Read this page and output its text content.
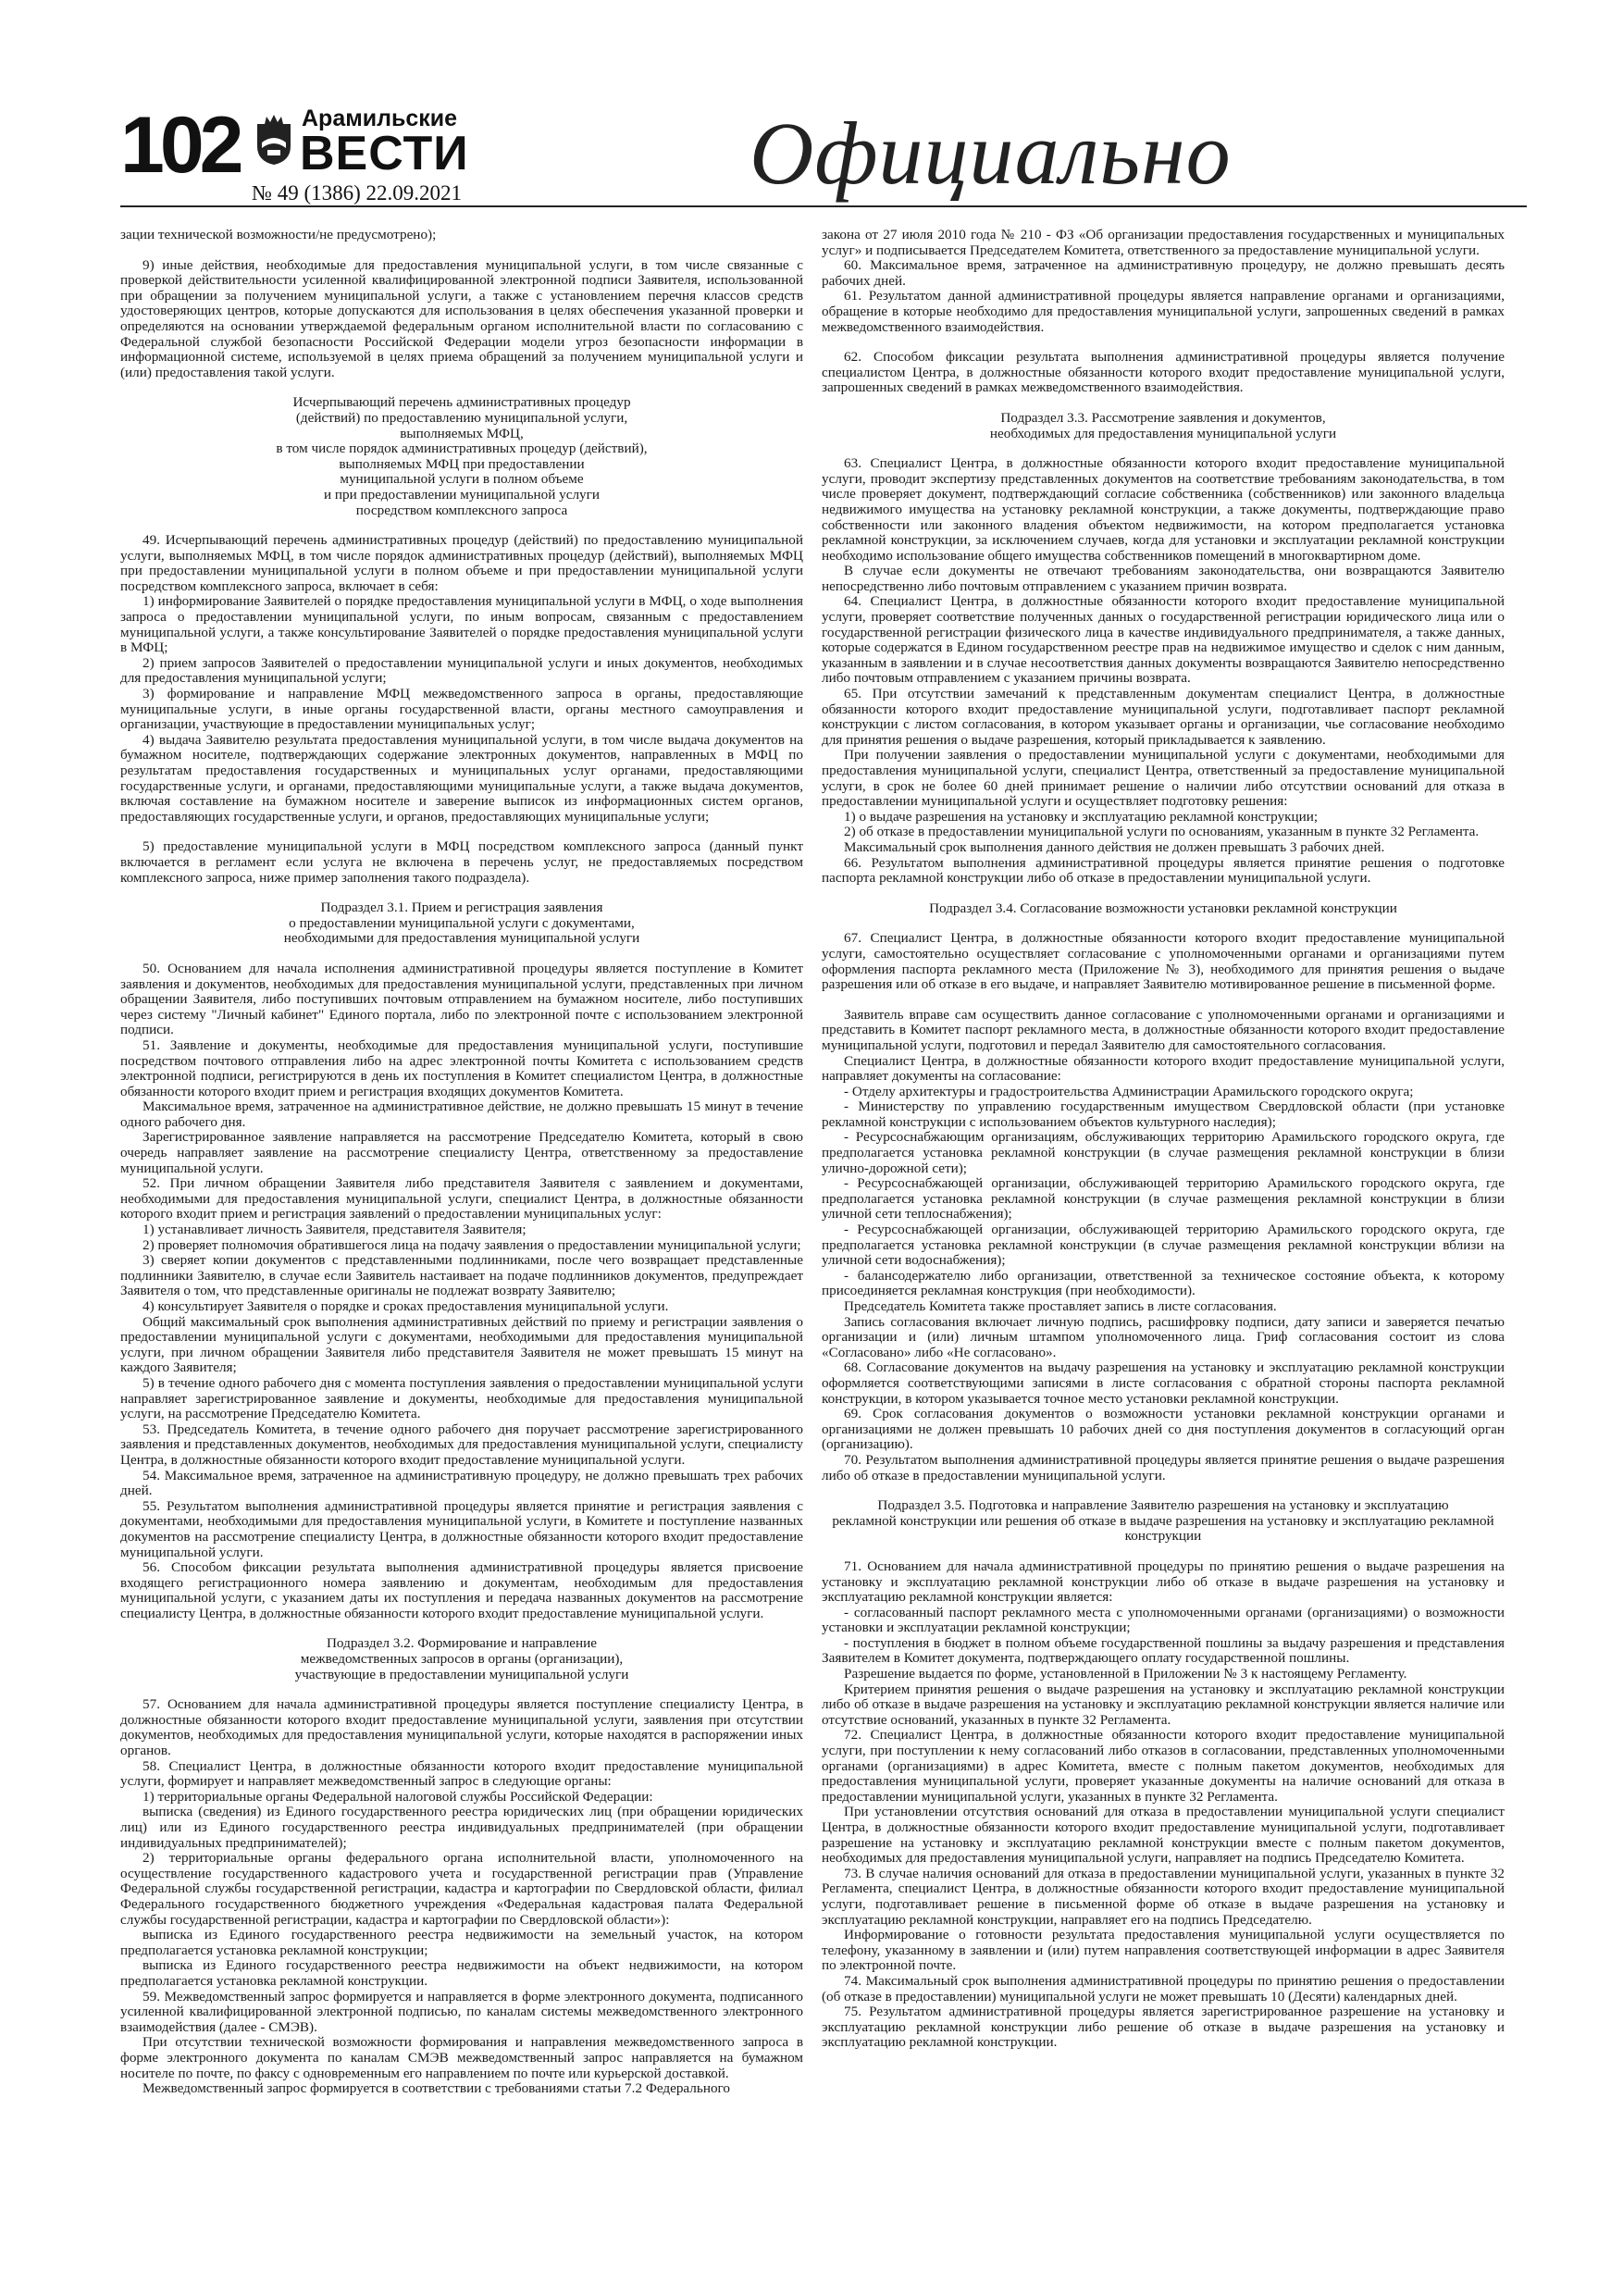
102	Арамильские
ВЕСТИ
№ 49 (1386) 22.09.2021	Официально

зации технической возможности/не предусмотрено);

9) иные действия, необходимые для предоставления муниципальной услуги, в том числе связанные с проверкой действительности усиленной квалифицированной электронной подписи Заявителя, использованной при обращении за получением муниципальной услуги, а также с установлением перечня классов средств удостоверяющих центров, которые допускаются для использования в целях обеспечения указанной проверки и определяются на основании утверждаемой федеральным органом исполнительной власти по согласованию с Федеральной службой безопасности Российской Федерации модели угроз безопасности информации в информационной системе, используемой в целях приема обращений за получением муниципальной услуги и (или) предоставления такой услуги.

Исчерпывающий перечень административных процедур
(действий) по предоставлению муниципальной услуги,
выполняемых МФЦ,
в том числе порядок административных процедур (действий),
выполняемых МФЦ при предоставлении
муниципальной услуги в полном объеме
и при предоставлении муниципальной услуги
посредством комплексного запроса

49. Исчерпывающий перечень административных процедур (действий) по предоставлению муниципальной услуги, выполняемых МФЦ, в том числе порядок административных процедур (действий), выполняемых МФЦ при предоставлении муниципальной услуги в полном объеме и при предоставлении муниципальной услуги посредством комплексного запроса, включает в себя:

1) информирование Заявителей о порядке предоставления муниципальной услуги в МФЦ, о ходе выполнения запроса о предоставлении муниципальной услуги, по иным вопросам, связанным с предоставлением муниципальной услуги, а также консультирование Заявителей о порядке предоставления муниципальной услуги в МФЦ;

2) прием запросов Заявителей о предоставлении муниципальной услуги и иных документов, необходимых для предоставления муниципальной услуги;

3) формирование и направление МФЦ межведомственного запроса в органы, предоставляющие муниципальные услуги, в иные органы государственной власти, органы местного самоуправления и организации, участвующие в предоставлении муниципальных услуг;

4) выдача Заявителю результата предоставления муниципальной услуги, в том числе выдача документов на бумажном носителе, подтверждающих содержание электронных документов, направленных в МФЦ по результатам предоставления государственных и муниципальных услуг органами, предоставляющими государственные услуги, и органами, предоставляющими муниципальные услуги, а также выдача документов, включая составление на бумажном носителе и заверение выписок из информационных систем органов, предоставляющих государственные услуги, и органов, предоставляющих муниципальные услуги;

5) предоставление муниципальной услуги в МФЦ посредством комплексного запроса (данный пункт включается в регламент если услуга не включена в перечень услуг, не предоставляемых посредством комплексного запроса, ниже пример заполнения такого подраздела).

Подраздел 3.1. Прием и регистрация заявления
о предоставлении муниципальной услуги с документами,
необходимыми для предоставления муниципальной услуги

50. Основанием для начала исполнения административной процедуры является поступление в Комитет заявления и документов, необходимых для предоставления муниципальной услуги, представленных при личном обращении Заявителя, либо поступивших почтовым отправлением на бумажном носителе, либо поступивших через систему "Личный кабинет" Единого портала, либо по электронной почте с использованием электронной подписи.

51. Заявление и документы, необходимые для предоставления муниципальной услуги, поступившие посредством почтового отправления либо на адрес электронной почты Комитета с использованием средств электронной подписи, регистрируются в день их поступления в Комитет специалистом Центра, в должностные обязанности которого входит прием и регистрация входящих документов Комитета.

Максимальное время, затраченное на административное действие, не должно превышать 15 минут в течение одного рабочего дня.

Зарегистрированное заявление направляется на рассмотрение Председателю Комитета, который в свою очередь направляет заявление на рассмотрение специалисту Центра, ответственному за предоставление муниципальной услуги.

52. При личном обращении Заявителя либо представителя Заявителя с заявлением и документами, необходимыми для предоставления муниципальной услуги, специалист Центра, в должностные обязанности которого входит прием и регистрация заявлений о предоставлении муниципальных услуг:

1) устанавливает личность Заявителя, представителя Заявителя;

2) проверяет полномочия обратившегося лица на подачу заявления о предоставлении муниципальной услуги;

3) сверяет копии документов с представленными подлинниками, после чего возвращает представленные подлинники Заявителю, в случае если Заявитель настаивает на подаче подлинников документов, предупреждает Заявителя о том, что представленные оригиналы не подлежат возврату Заявителю;

4) консультирует Заявителя о порядке и сроках предоставления муниципальной услуги.

Общий максимальный срок выполнения административных действий по приему и регистрации заявления о предоставлении муниципальной услуги с документами, необходимыми для предоставления муниципальной услуги, при личном обращении Заявителя либо представителя Заявителя не может превышать 15 минут на каждого Заявителя;

5) в течение одного рабочего дня с момента поступления заявления о предоставлении муниципальной услуги направляет зарегистрированное заявление и документы, необходимые для предоставления муниципальной услуги, на рассмотрение Председателю Комитета.

53. Председатель Комитета, в течение одного рабочего дня поручает рассмотрение зарегистрированного заявления и представленных документов, необходимых для предоставления муниципальной услуги, специалисту Центра, в должностные обязанности которого входит предоставление муниципальной услуги.

54. Максимальное время, затраченное на административную процедуру, не должно превышать трех рабочих дней.

55. Результатом выполнения административной процедуры является принятие и регистрация заявления с документами, необходимыми для предоставления муниципальной услуги, в Комитете и поступление названных документов на рассмотрение специалисту Центра, в должностные обязанности которого входит предоставление муниципальной услуги.

56. Способом фиксации результата выполнения административной процедуры является присвоение входящего регистрационного номера заявлению и документам, необходимым для предоставления муниципальной услуги, с указанием даты их поступления и передача названных документов на рассмотрение специалисту Центра, в должностные обязанности которого входит предоставление муниципальной услуги.

Подраздел 3.2. Формирование и направление
межведомственных запросов в органы (организации),
участвующие в предоставлении муниципальной услуги

57. Основанием для начала административной процедуры является поступление специалисту Центра, в должностные обязанности которого входит предоставление муниципальной услуги, заявления при отсутствии документов, необходимых для предоставления муниципальной услуги, которые находятся в распоряжении иных органов.

58. Специалист Центра, в должностные обязанности которого входит предоставление муниципальной услуги, формирует и направляет межведомственный запрос в следующие органы:

1) территориальные органы Федеральной налоговой службы Российской Федерации:

выписка (сведения) из Единого государственного реестра юридических лиц (при обращении юридических лиц) или из Единого государственного реестра индивидуальных предпринимателей (при обращении индивидуальных предпринимателей);

2) территориальные органы федерального органа исполнительной власти, уполномоченного на осуществление государственного кадастрового учета и государственной регистрации прав (Управление Федеральной службы государственной регистрации, кадастра и картографии по Свердловской области, филиал Федерального государственного бюджетного учреждения «Федеральная кадастровая палата Федеральной службы государственной регистрации, кадастра и картографии по Свердловской области»):

выписка из Единого государственного реестра недвижимости на земельный участок, на котором предполагается установка рекламной конструкции;

выписка из Единого государственного реестра недвижимости на объект недвижимости, на котором предполагается установка рекламной конструкции.

59. Межведомственный запрос формируется и направляется в форме электронного документа, подписанного усиленной квалифицированной электронной подписью, по каналам системы межведомственного электронного взаимодействия (далее - СМЭВ).

При отсутствии технической возможности формирования и направления межведомственного запроса в форме электронного документа по каналам СМЭВ межведомственный запрос направляется на бумажном носителе по почте, по факсу с одновременным его направлением по почте или курьерской доставкой.

Межведомственный запрос формируется в соответствии с требованиями статьи 7.2 Федерального

закона от 27 июля 2010 года № 210 - ФЗ «Об организации предоставления государственных и муниципальных услуг» и подписывается Председателем Комитета, ответственного за предоставление муниципальной услуги.

60. Максимальное время, затраченное на административную процедуру, не должно превышать десять рабочих дней.

61. Результатом данной административной процедуры является направление органами и организациями, обращение в которые необходимо для предоставления муниципальной услуги, запрошенных сведений в рамках межведомственного взаимодействия.

62. Способом фиксации результата выполнения административной процедуры является получение специалистом Центра, в должностные обязанности которого входит предоставление муниципальной услуги, запрошенных сведений в рамках межведомственного взаимодействия.

Подраздел 3.3. Рассмотрение заявления и документов,
необходимых для предоставления муниципальной услуги

63. Специалист Центра, в должностные обязанности которого входит предоставление муниципальной услуги, проводит экспертизу представленных документов на соответствие требованиям законодательства, в том числе проверяет документ, подтверждающий согласие собственника (собственников) или законного владельца недвижимого имущества на установку рекламной конструкции, а также документы, подтверждающие право собственности или законного владения объектом недвижимости, на котором предполагается установка рекламной конструкции, за исключением случаев, когда для установки и эксплуатации рекламной конструкции необходимо использование общего имущества собственников помещений в многоквартирном доме.

В случае если документы не отвечают требованиям законодательства, они возвращаются Заявителю непосредственно либо почтовым отправлением с указанием причин возврата.

64. Специалист Центра, в должностные обязанности которого входит предоставление муниципальной услуги, проверяет соответствие полученных данных о государственной регистрации юридического лица или о государственной регистрации физического лица в качестве индивидуального предпринимателя, а также данных, которые содержатся в Едином государственном реестре прав на недвижимое имущество и сделок с ним данным, указанным в заявлении и в случае несоответствия данных документы возвращаются Заявителю непосредственно либо почтовым отправлением с указанием причины возврата.

65. При отсутствии замечаний к представленным документам специалист Центра, в должностные обязанности которого входит предоставление муниципальной услуги, подготавливает паспорт рекламной конструкции с листом согласования, в котором указывает органы и организации, чье согласование необходимо для принятия решения о выдаче разрешения, который прикладывается к заявлению.

При получении заявления о предоставлении муниципальной услуги с документами, необходимыми для предоставления муниципальной услуги, специалист Центра, ответственный за предоставление муниципальной услуги, в срок не более 60 дней принимает решение о наличии либо отсутствии оснований для отказа в предоставлении муниципальной услуги и осуществляет подготовку решения:

1) о выдаче разрешения на установку и эксплуатацию рекламной конструкции;

2) об отказе в предоставлении муниципальной услуги по основаниям, указанным в пункте 32 Регламента.

Максимальный срок выполнения данного действия не должен превышать 3 рабочих дней.

66. Результатом выполнения административной процедуры является принятие решения о подготовке паспорта рекламной конструкции либо об отказе в предоставлении муниципальной услуги.

Подраздел 3.4. Согласование возможности установки рекламной конструкции

67. Специалист Центра, в должностные обязанности которого входит предоставление муниципальной услуги, самостоятельно осуществляет согласование с уполномоченными органами и организациями путем оформления паспорта рекламного места (Приложение № 3), необходимого для принятия решения о выдаче разрешения или об отказе в его выдаче, и направляет Заявителю мотивированное решение в письменной форме.

Заявитель вправе сам осуществить данное согласование с уполномоченными органами и организациями и представить в Комитет паспорт рекламного места, в должностные обязанности которого входит предоставление муниципальной услуги, подготовил и передал Заявителю для самостоятельного согласования.

Специалист Центра, в должностные обязанности которого входит предоставление муниципальной услуги, направляет документы на согласование:

- Отделу архитектуры и градостроительства Администрации Арамильского городского округа;

- Министерству по управлению государственным имуществом Свердловской области (при установке рекламной конструкции с использованием объектов культурного наследия);

- Ресурсоснабжающим организациям, обслуживающих территорию Арамильского городского округа, где предполагается установка рекламной конструкции (в случае размещения рекламной конструкции в близи улично-дорожной сети);

- Ресурсоснабжающей организации, обслуживающей территорию Арамильского городского округа, где предполагается установка рекламной конструкции (в случае размещения рекламной конструкции в близи уличной сети теплоснабжения);

- Ресурсоснабжающей организации, обслуживающей территорию Арамильского городского округа, где предполагается установка рекламной конструкции (в случае размещения рекламной конструкции вблизи на уличной сети водоснабжения);

- балансодержателю либо организации, ответственной за техническое состояние объекта, к которому присоединяется рекламная конструкция (при необходимости).

Председатель Комитета также проставляет запись в листе согласования.

Запись согласования включает личную подпись, расшифровку подписи, дату записи и заверяется печатью организации и (или) личным штампом уполномоченного лица. Гриф согласования состоит из слова «Согласовано» либо «Не согласовано».

68. Согласование документов на выдачу разрешения на установку и эксплуатацию рекламной конструкции оформляется соответствующими записями в листе согласования с обратной стороны паспорта рекламной конструкции, в котором указывается точное место установки рекламной конструкции.

69. Срок согласования документов о возможности установки рекламной конструкции органами и организациями не должен превышать 10 рабочих дней со дня поступления документов в согласующий орган (организацию).

70. Результатом выполнения административной процедуры является принятие решения о выдаче разрешения либо об отказе в предоставлении муниципальной услуги.

Подраздел 3.5. Подготовка и направление Заявителю разрешения на установку и эксплуатацию
рекламной конструкции или решения об отказе в выдаче разрешения на установку и эксплуатацию рекламной конструкции

71. Основанием для начала административной процедуры по принятию решения о выдаче разрешения на установку и эксплуатацию рекламной конструкции либо об отказе в выдаче разрешения на установку и эксплуатацию рекламной конструкции является:

- согласованный паспорт рекламного места с уполномоченными органами (организациями) о возможности установки и эксплуатации рекламной конструкции;

- поступления в бюджет в полном объеме государственной пошлины за выдачу разрешения и представления Заявителем в Комитет документа, подтверждающего оплату государственной пошлины.

Разрешение выдается по форме, установленной в Приложении № 3 к настоящему Регламенту.

Критерием принятия решения о выдаче разрешения на установку и эксплуатацию рекламной конструкции либо об отказе в выдаче разрешения на установку и эксплуатацию рекламной конструкции является наличие или отсутствие оснований, указанных в пункте 32 Регламента.

72. Специалист Центра, в должностные обязанности которого входит предоставление муниципальной услуги, при поступлении к нему согласований либо отказов в согласовании, представленных уполномоченными органами (организациями) в адрес Комитета, вместе с полным пакетом документов, необходимых для предоставления муниципальной услуги, проверяет указанные документы на наличие оснований для отказа в предоставлении муниципальной услуги, указанных в пункте 32 Регламента.

При установлении отсутствия оснований для отказа в предоставлении муниципальной услуги специалист Центра, в должностные обязанности которого входит предоставление муниципальной услуги, подготавливает разрешение на установку и эксплуатацию рекламной конструкции вместе с полным пакетом документов, необходимых для предоставления муниципальной услуги, направляет на подпись Председателю Комитета.

73. В случае наличия оснований для отказа в предоставлении муниципальной услуги, указанных в пункте 32 Регламента, специалист Центра, в должностные обязанности которого входит предоставление муниципальной услуги, подготавливает решение в письменной форме об отказе в выдаче разрешения на установку и эксплуатацию рекламной конструкции, направляет его на подпись Председателю.

Информирование о готовности результата предоставления муниципальной услуги осуществляется по телефону, указанному в заявлении и (или) путем направления соответствующей информации в адрес Заявителя по электронной почте.

74. Максимальный срок выполнения административной процедуры по принятию решения о предоставлении (об отказе в предоставлении) муниципальной услуги не может превышать 10 (Десяти) календарных дней.

75. Результатом административной процедуры является зарегистрированное разрешение на установку и эксплуатацию рекламной конструкции либо решение об отказе в выдаче разрешения на установку и эксплуатацию рекламной конструкции.
